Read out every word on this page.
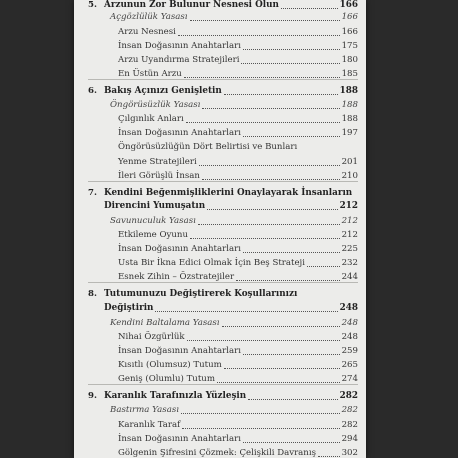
5. Arzunun Zor Bulunur Nesnesi Olun	166
Açgözlülük Yasası	166
Arzu Nesnesi	166
İnsan Doğasının Anahtarları	175
Arzu Uyandırma Stratejileri	180
En Üstün Arzu	185
6. Bakış Açınızı Genişletin	188
Öngörüsüzlük Yasası	188
Çılgınlık Anları	188
İnsan Doğasının Anahtarları	197
Öngörüsüzlüğün Dört Belirtisi ve Bunları
Yenme Stratejileri	201
İleri Görüşlü İnsan	210
7. Kendini Beğenmişliklerini Onaylayarak İnsanların
Direncini Yumuşatın	212
Savunuculuk Yasası	212
Etkileme Oyunu	212
İnsan Doğasının Anahtarları	225
Usta Bir İkna Edici Olmak İçin Beş Strateji	232
Esnek Zihin – Özstratejiler	244
8. Tutumunuzu Değiştirerek Koşullarınızı
Değiştirin	248
Kendini Baltalama Yasası	248
Nihai Özgürlük	248
İnsan Doğasının Anahtarları	259
Kısıtlı (Olumsuz) Tutum	265
Geniş (Olumlu) Tutum	274
9. Karanlık Tarafınızla Yüzleşin	282
Bastırma Yasası	282
Karanlık Taraf	282
İnsan Doğasının Anahtarları	294
Gölgenin Şifresini Çözmek: Çelişkili Davranış	302
